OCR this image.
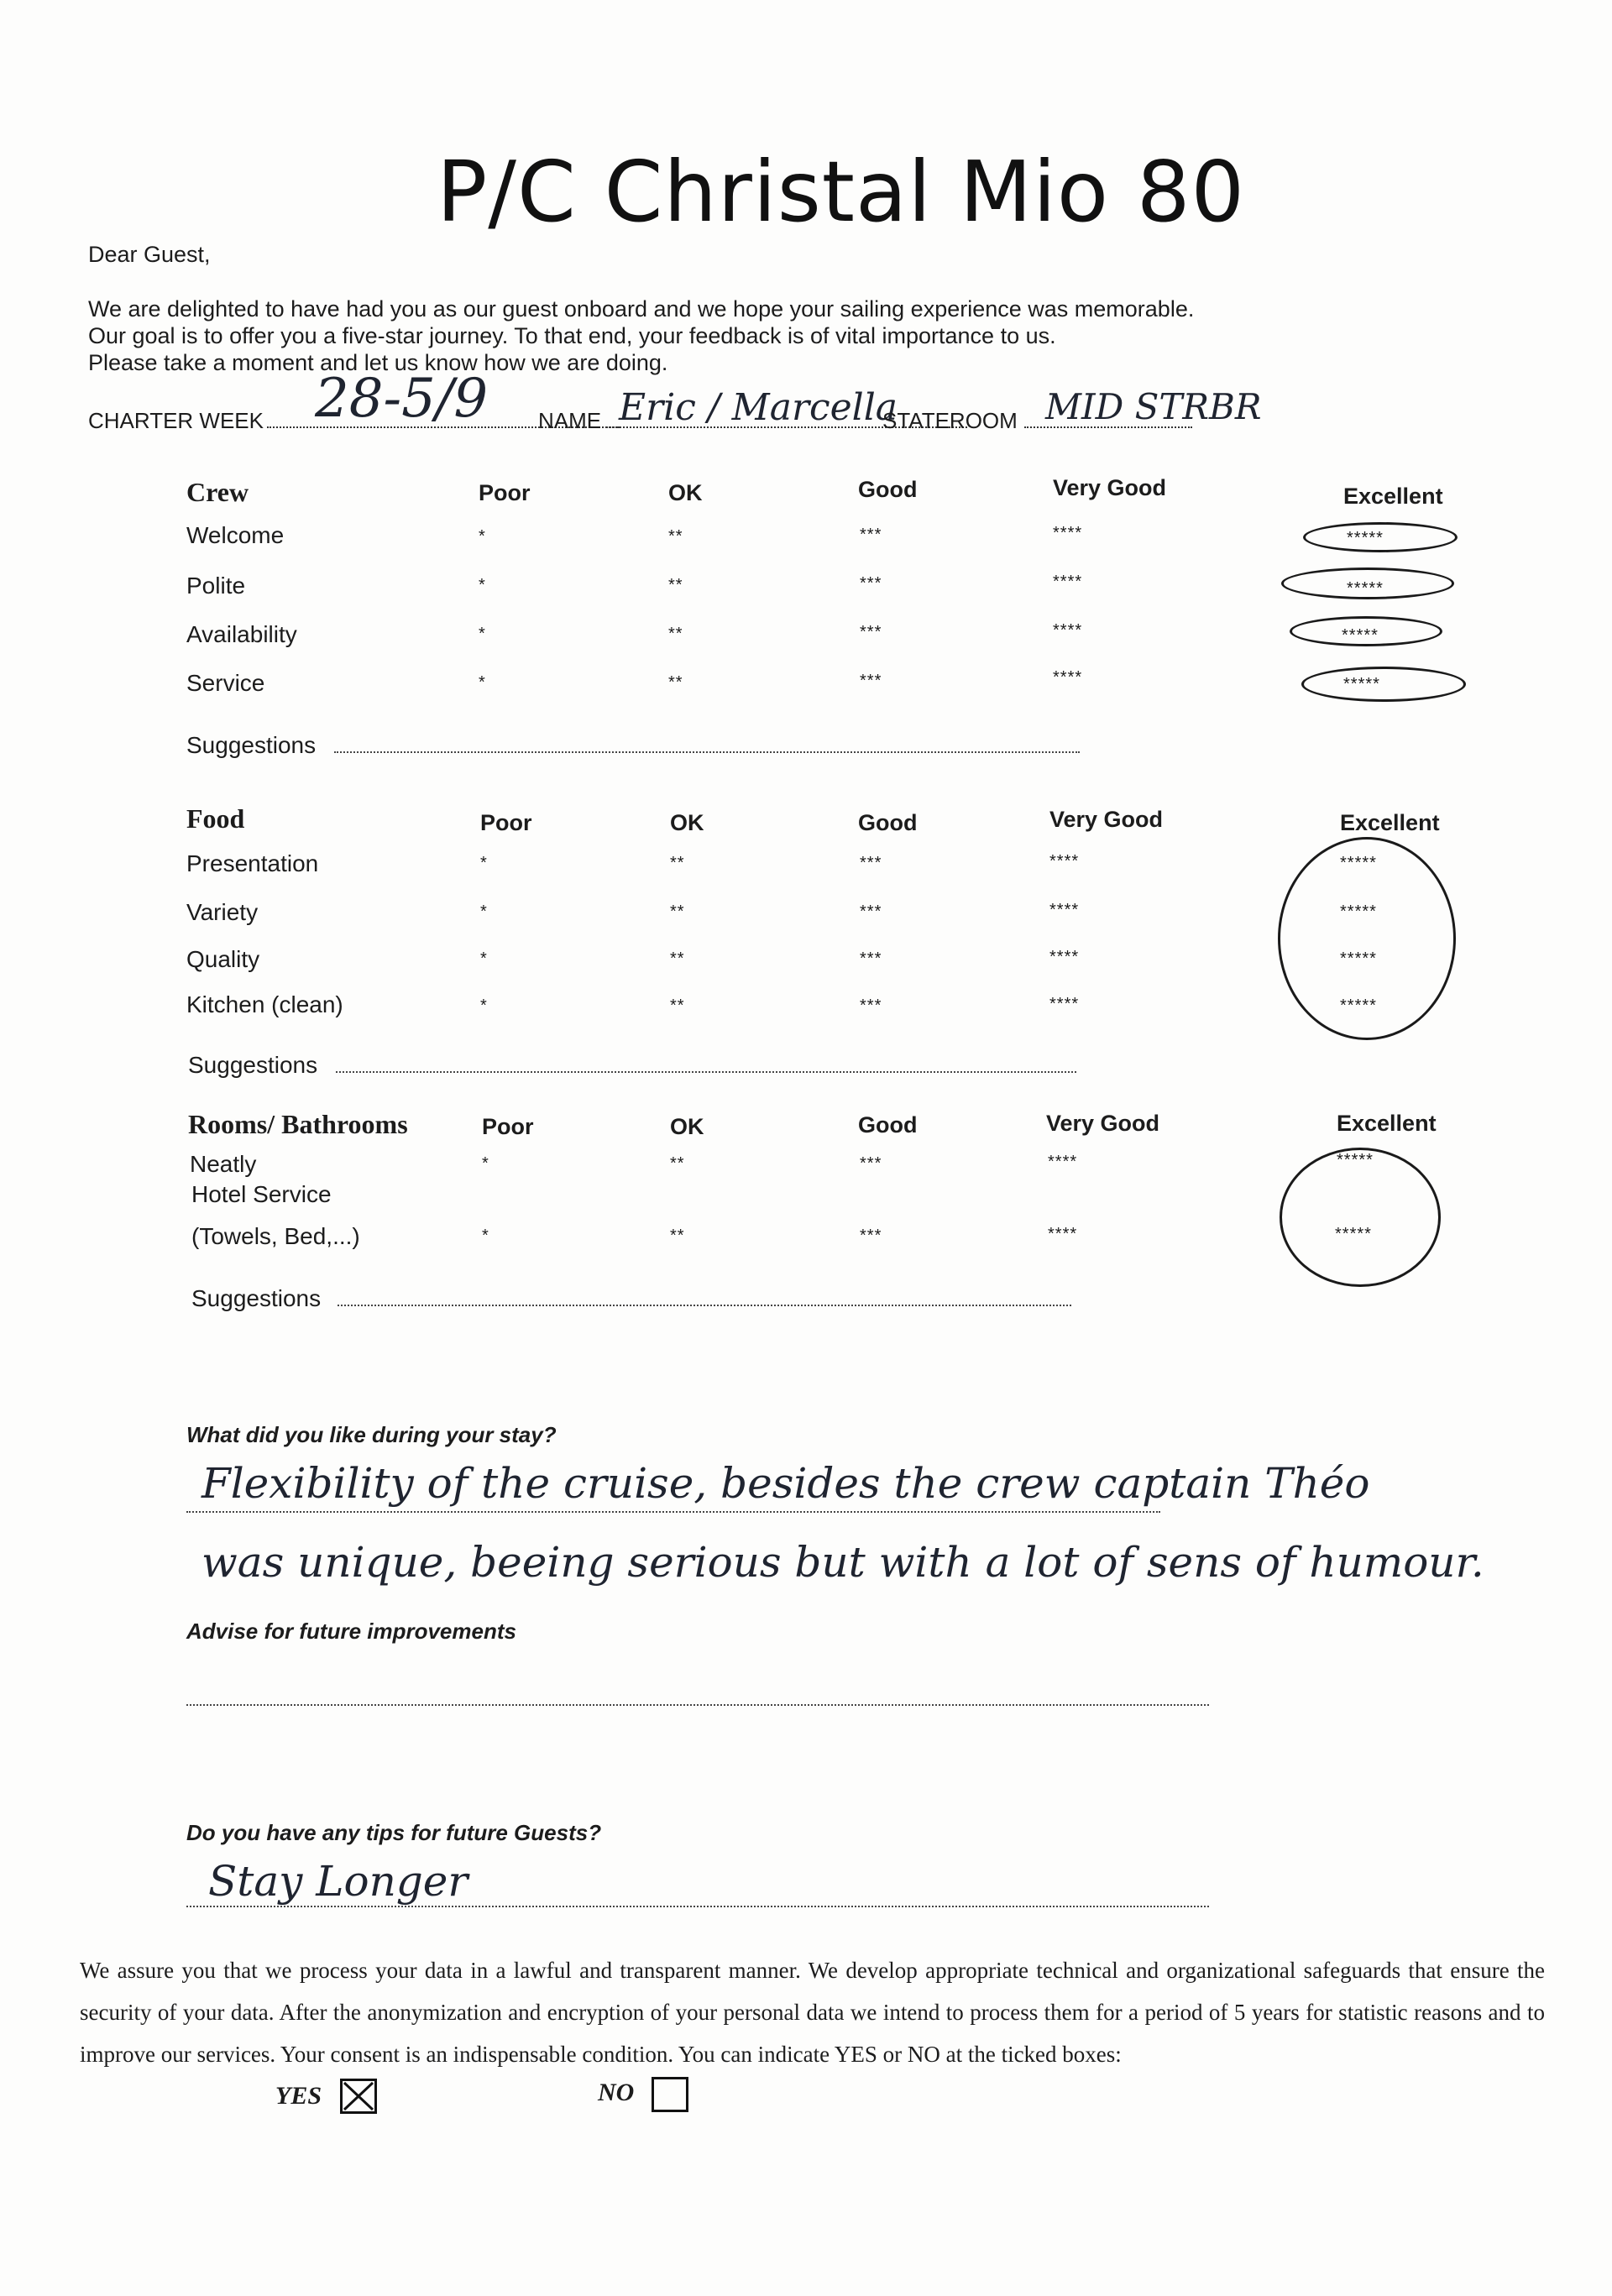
P/C Christal Mio 80
Dear Guest,
We are delighted to have had you as our guest onboard and we hope your sailing experience was memorable.
Our goal is to offer you a five-star journey. To that end, your feedback is of vital importance to us.
Please take a moment and let us know how we are doing.
CHARTER WEEK 28-5/9 NAME Eric / Marcella
STATEROOM MID STRBR
Crew	Poor	OK	Good	Very Good	Excellent
Welcome	*	**	***	****	*****
Polite	*	**	***	****	*****
Availability	*	**	***	****	*****
Service	*	**	***	****	*****
Suggestions
Food	Poor	OK	Good	Very Good	Excellent
Presentation	*	**	***	****	*****
Variety	*	**	***	****	*****
Quality	*	**	***	****	*****
Kitchen (clean)	*	**	***	****	*****
Suggestions
Rooms/ Bathrooms	Poor	OK	Good	Very Good	Excellent
Neatly	*	**	***	****	*****
Hotel Service
(Towels, Bed,...)	*	**	***	****	*****
Suggestions
What did you like during your stay?
Flexibility of the cruise, besides the crew captain Théo
was unique, beeing serious but with a lot of sens of humour.
Advise for future improvements
Do you have any tips for future Guests?
Stay Longer
We assure you that we process your data in a lawful and transparent manner. We develop appropriate technical and organizational safeguards that ensure the security of your data. After the anonymization and encryption of your personal data we intend to process them for a period of 5 years for statistic reasons and to improve our services. Your consent is an indispensable condition. You can indicate YES or NO at the ticked boxes:
YES	NO
